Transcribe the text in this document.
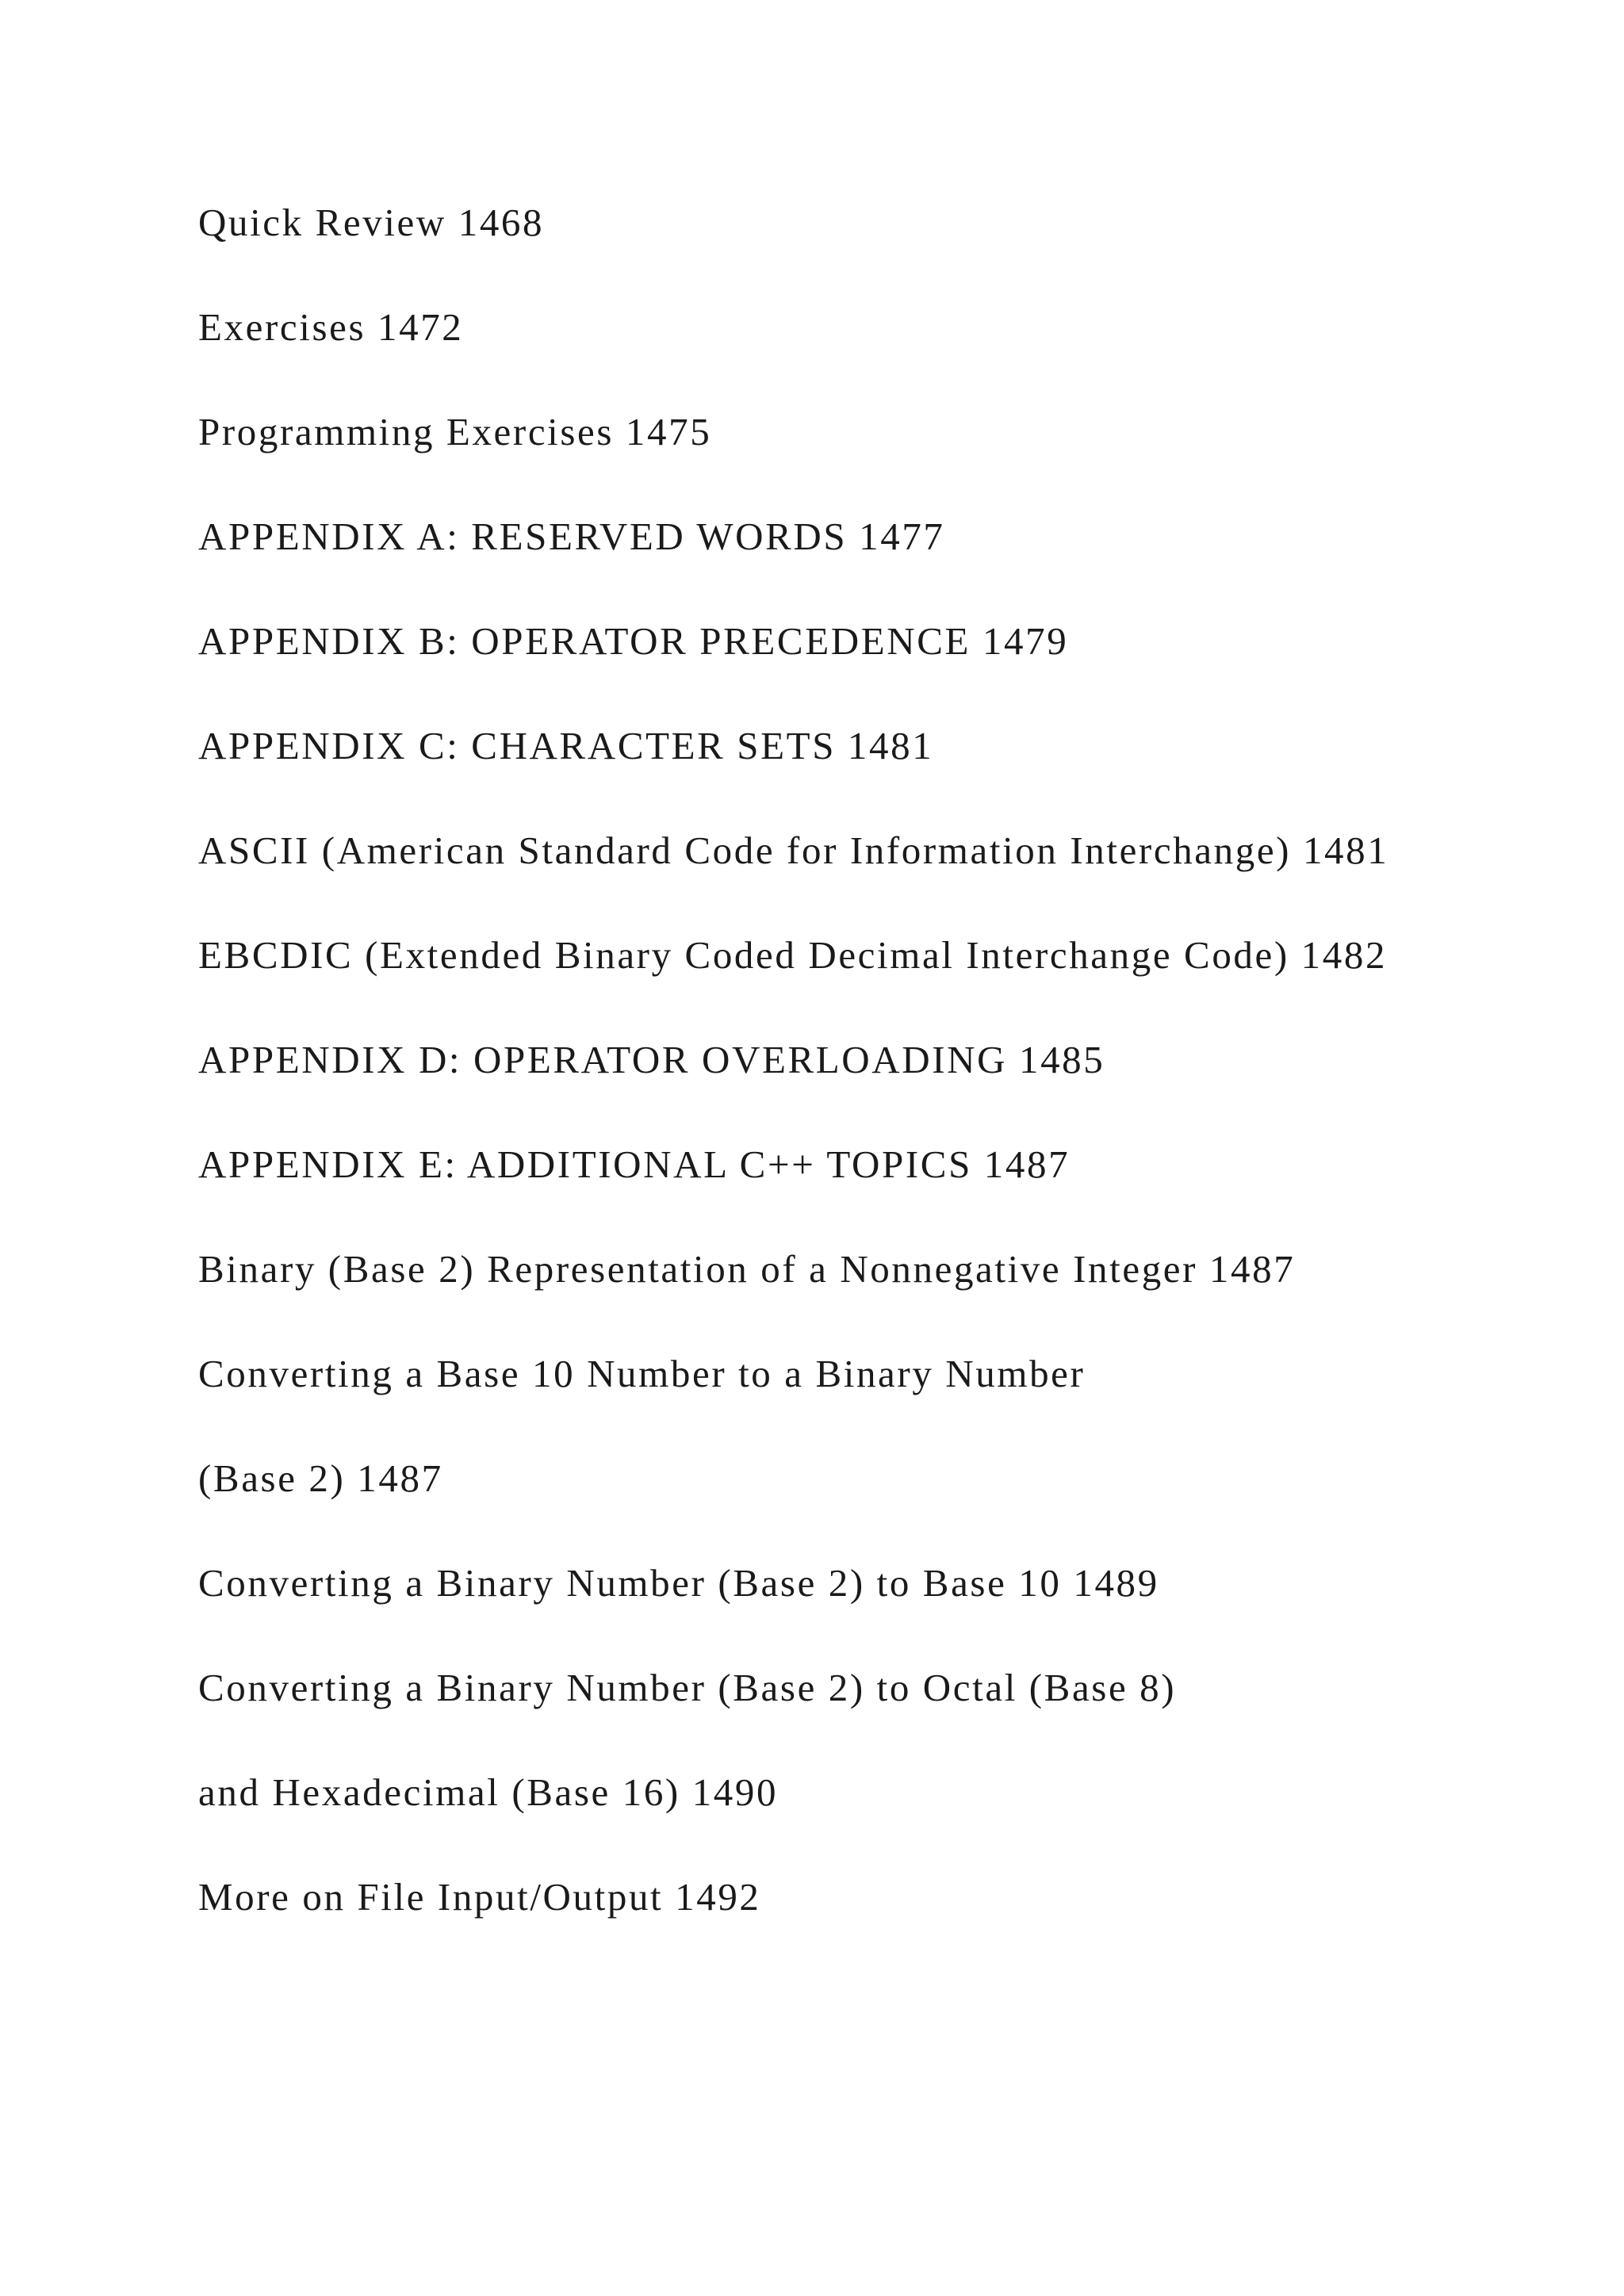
Quick Review 1468
Exercises 1472
Programming Exercises 1475
APPENDIX A: RESERVED WORDS 1477
APPENDIX B: OPERATOR PRECEDENCE 1479
APPENDIX C: CHARACTER SETS 1481
ASCII (American Standard Code for Information Interchange) 1481
EBCDIC (Extended Binary Coded Decimal Interchange Code) 1482
APPENDIX D: OPERATOR OVERLOADING 1485
APPENDIX E: ADDITIONAL C++ TOPICS 1487
Binary (Base 2) Representation of a Nonnegative Integer 1487
Converting a Base 10 Number to a Binary Number
(Base 2) 1487
Converting a Binary Number (Base 2) to Base 10 1489
Converting a Binary Number (Base 2) to Octal (Base 8)
and Hexadecimal (Base 16) 1490
More on File Input/Output 1492
